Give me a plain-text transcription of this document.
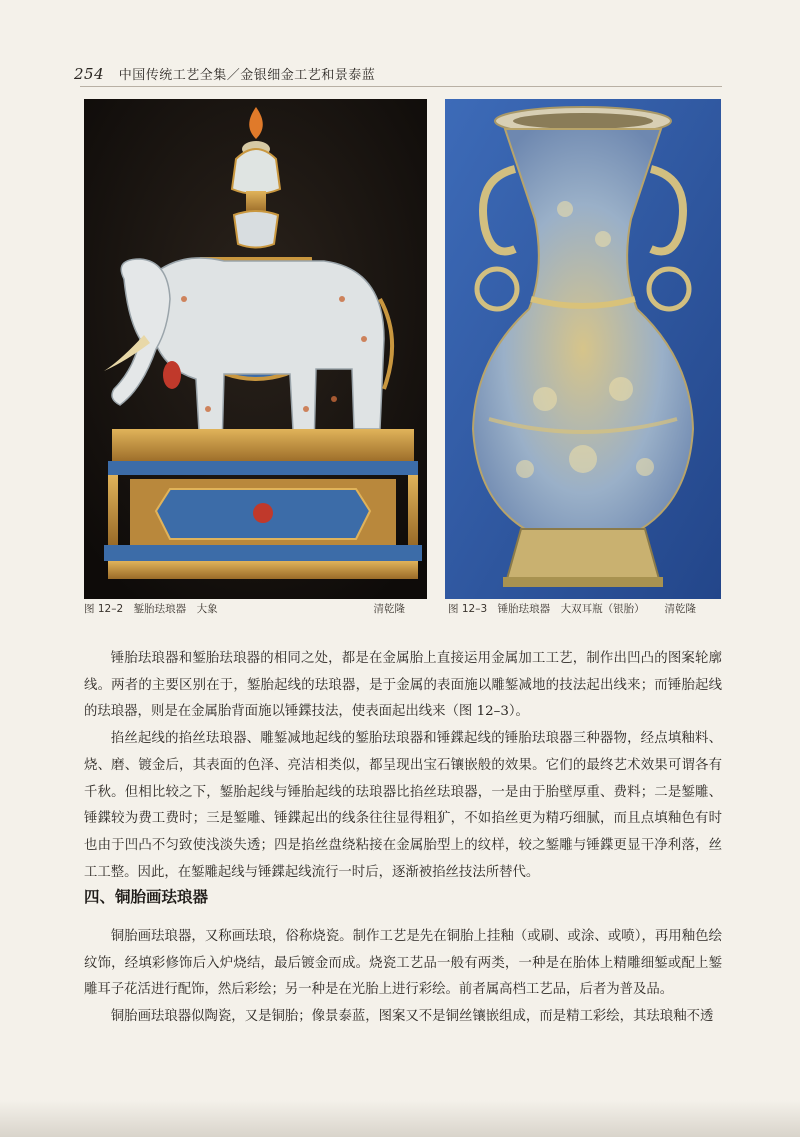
254 中国传统工艺全集／金银细金工艺和景泰蓝
图 12–2　錾胎珐琅器　大象	清乾隆	图 12–3　锤胎珐琅器　大双耳瓶（银胎） 清乾隆

锤胎珐琅器和錾胎珐琅器的相同之处，都是在金属胎上直接运用金属加工工艺，制作出凹凸的图案轮廓线。两者的主要区别在于，錾胎起线的珐琅器，是于金属的表面施以雕錾减地的技法起出线来；而锤胎起线的珐琅器，则是在金属胎背面施以锤鍱技法，使表面起出线来（图 12–3）。

掐丝起线的掐丝珐琅器、雕錾减地起线的錾胎珐琅器和锤鍱起线的锤胎珐琅器三种器物，经点填釉料、烧、磨、镀金后，其表面的色泽、亮洁相类似，都呈现出宝石镶嵌般的效果。它们的最终艺术效果可谓各有千秋。但相比较之下，錾胎起线与锤胎起线的珐琅器比掐丝珐琅器，一是由于胎壁厚重、费料；二是錾雕、锤鍱较为费工费时；三是錾雕、锤鍱起出的线条往往显得粗犷，不如掐丝更为精巧细腻，而且点填釉色有时也由于凹凸不匀致使浅淡失透；四是掐丝盘绕粘接在金属胎型上的纹样，较之錾雕与锤鍱更显干净利落，丝工工整。因此，在錾雕起线与锤鍱起线流行一时后，逐渐被掐丝技法所替代。

四、铜胎画珐琅器

铜胎画珐琅器，又称画珐琅，俗称烧瓷。制作工艺是先在铜胎上挂釉（或刷、或涂、或喷），再用釉色绘纹饰，经填彩修饰后入炉烧结，最后镀金而成。烧瓷工艺品一般有两类，一种是在胎体上精雕细錾或配上錾雕耳子花活进行配饰，然后彩绘；另一种是在光胎上进行彩绘。前者属高档工艺品，后者为普及品。

铜胎画珐琅器似陶瓷，又是铜胎；像景泰蓝，图案又不是铜丝镶嵌组成，而是精工彩绘，其珐琅釉不透
